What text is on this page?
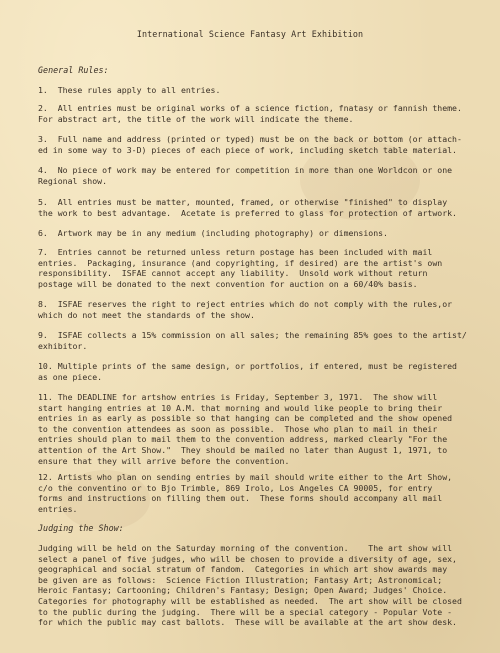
International Science Fantasy Art Exhibition
General Rules:
1.  These rules apply to all entries.
2.  All entries must be original works of a science fiction, fnatasy or fannish theme.
For abstract art, the title of the work will indicate the theme.
3.  Full name and address (printed or typed) must be on the back or bottom (or attach-
ed in some way to 3-D) pieces of each piece of work, including sketch table material.
4.  No piece of work may be entered for competition in more than one Worldcon or one
Regional show.
5.  All entries must be matter, mounted, framed, or otherwise "finished" to display
the work to best advantage.  Acetate is preferred to glass for protection of artwork.
6.  Artwork may be in any medium (including photography) or dimensions.
7.  Entries cannot be returned unless return postage has been included with mail
entries.  Packaging, insurance (and copyrighting, if desired) are the artist's own
responsibility.  ISFAE cannot accept any liability.  Unsold work without return
postage will be donated to the next convention for auction on a 60/40% basis.
8.  ISFAE reserves the right to reject entries which do not comply with the rules,or
which do not meet the standards of the show.
9.  ISFAE collects a 15% commission on all sales; the remaining 85% goes to the artist/
exhibitor.
10. Multiple prints of the same design, or portfolios, if entered, must be registered
as one piece.
11. The DEADLINE for artshow entries is Friday, September 3, 1971.  The show will
start hanging entries at 10 A.M. that morning and would like people to bring their
entries in as early as possible so that hanging can be completed and the show opened
to the convention attendees as soon as possible.  Those who plan to mail in their
entries should plan to mail them to the convention address, marked clearly "For the
attention of the Art Show."  They should be mailed no later than August 1, 1971, to
ensure that they will arrive before the convention.
12. Artists who plan on sending entries by mail should write either to the Art Show,
c/o the conventino or to Bjo Trimble, 869 Irolo, Los Angeles CA 90005, for entry
forms and instructions on filling them out.  These forms should accompany all mail
entries.
Judging the Show:
Judging will be held on the Saturday morning of the convention.    The art show will
select a panel of five judges, who will be chosen to provide a diversity of age, sex,
geographical and social stratum of fandom.  Categories in which art show awards may
be given are as follows:  Science Fiction Illustration; Fantasy Art; Astronomical;
Heroic Fantasy; Cartooning; Children's Fantasy; Design; Open Award; Judges' Choice.
Categories for photography will be established as needed.  The art show will be closed
to the public during the judging.  There will be a special category - Popular Vote -
for which the public may cast ballots.  These will be available at the art show desk.
